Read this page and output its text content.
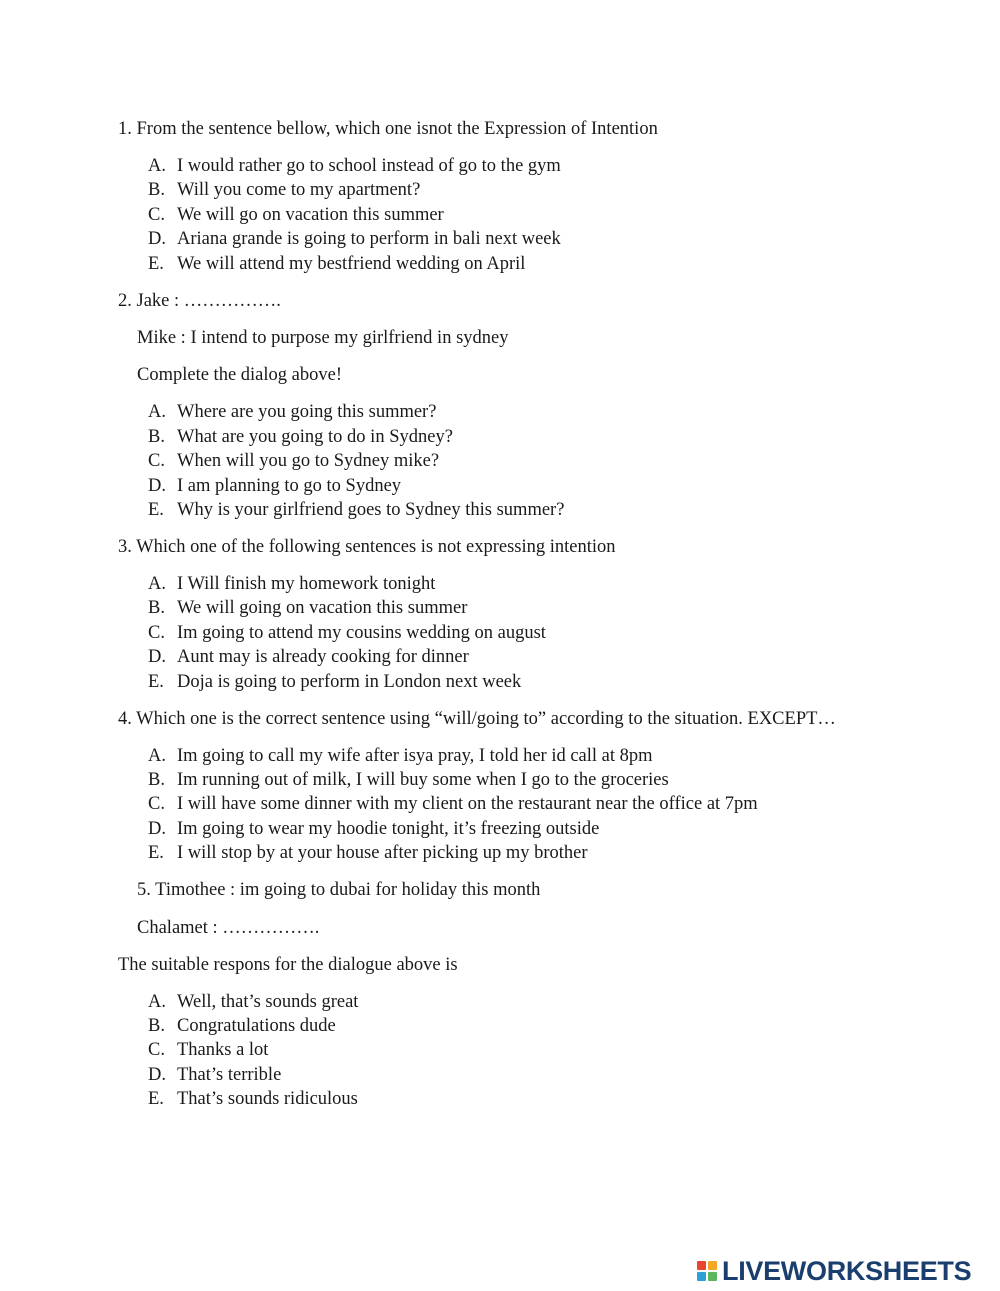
1. From the sentence bellow, which one isnot the Expression of Intention
A. I would rather go to school instead of go to the gym
B. Will you come to my apartment?
C. We will go on vacation this summer
D. Ariana grande is going to perform in bali next week
E. We will attend my bestfriend wedding on April
2. Jake : …………….
Mike : I intend to purpose my girlfriend in sydney
Complete the dialog above!
A. Where are you going this summer?
B. What are you going to do in Sydney?
C. When will you go to Sydney mike?
D. I am planning to go to Sydney
E. Why is your girlfriend goes to Sydney this summer?
3. Which one of the following sentences is not expressing intention
A. I Will finish my homework tonight
B. We will going on vacation this summer
C. Im going to attend my cousins wedding on august
D. Aunt may is already cooking for dinner
E. Doja is going to perform in London next week
4. Which one is the correct sentence using “will/going to” according to the situation. EXCEPT…
A. Im going to call my wife after isya pray, I told her id call at 8pm
B. Im running out of milk, I will buy some when I go to the groceries
C. I will have some dinner with my client on the restaurant near the office at 7pm
D. Im going to wear my hoodie tonight, it’s freezing outside
E. I will stop by at your house after picking up my brother
5. Timothee : im going to dubai for holiday this month
Chalamet : …………….
The suitable respons for the dialogue above is
A. Well, that’s sounds great
B. Congratulations dude
C. Thanks a lot
D. That’s terrible
E. That’s sounds ridiculous
LIVEWORKSHEETS
